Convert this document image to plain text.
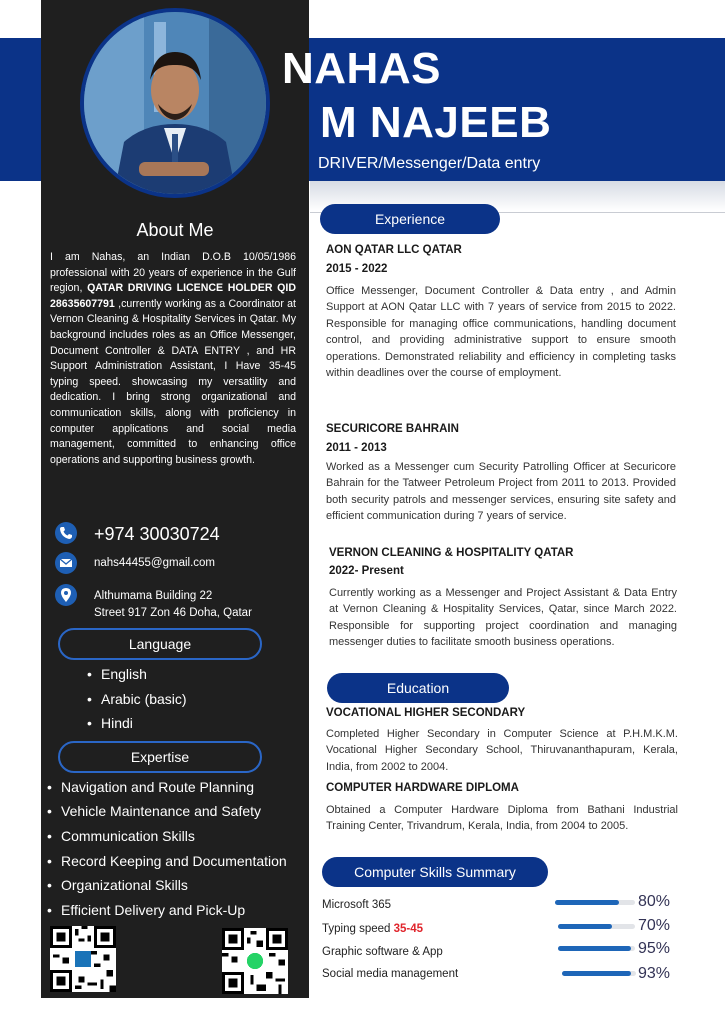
NAHAS
M NAJEEB
DRIVER/Messenger/Data entry
About Me
I am Nahas, an Indian D.O.B 10/05/1986 professional with 20 years of experience in the Gulf region, QATAR DRIVING LICENCE HOLDER QID 28635607791 ,currently working as a Coordinator at Vernon Cleaning & Hospitality Services in Qatar. My background includes roles as an Office Messenger, Document Controller & DATA ENTRY , and HR Support Administration Assistant, I Have 35-45 typing speed. showcasing my versatility and dedication. I bring strong organizational and communication skills, along with proficiency in computer applications and social media management, committed to enhancing office operations and supporting business growth.
+974 30030724
nahs44455@gmail.com
Althumama Building 22
Street 917 Zon 46 Doha, Qatar
Language
• English
• Arabic (basic)
• Hindi
Expertise
• Navigation and Route Planning
• Vehicle Maintenance and Safety
• Communication Skills
• Record Keeping and Documentation
• Organizational Skills
• Efficient Delivery and Pick-Up
Experience
AON QATAR LLC QATAR
2015 - 2022
Office Messenger, Document Controller & Data entry , and Admin Support at AON Qatar LLC with 7 years of service from 2015 to 2022. Responsible for managing office communications, handling document control, and providing administrative support to ensure smooth operations. Demonstrated reliability and efficiency in completing tasks within deadlines over the course of employment.
SECURICORE BAHRAIN
2011 - 2013
Worked as a Messenger cum Security Patrolling Officer at Securicore Bahrain for the Tatweer Petroleum Project from 2011 to 2013. Provided both security patrols and messenger services, ensuring site safety and efficient communication during 7 years of service.
VERNON CLEANING & HOSPITALITY QATAR
2022- Present
Currently working as a Messenger and Project Assistant & Data Entry at Vernon Cleaning & Hospitality Services, Qatar, since March 2022. Responsible for supporting project coordination and managing messenger duties to facilitate smooth business operations.
Education
VOCATIONAL HIGHER SECONDARY
Completed Higher Secondary in Computer Science at P.H.M.K.M. Vocational Higher Secondary School, Thiruvananthapuram, Kerala, India, from 2002 to 2004.
COMPUTER HARDWARE DIPLOMA
Obtained a Computer Hardware Diploma from Bathani Industrial Training Center, Trivandrum, Kerala, India, from 2004 to 2005.
Computer Skills Summary
Microsoft 365	80%
Typing speed 35-45	70%
Graphic software & App	95%
Social media management	93%
